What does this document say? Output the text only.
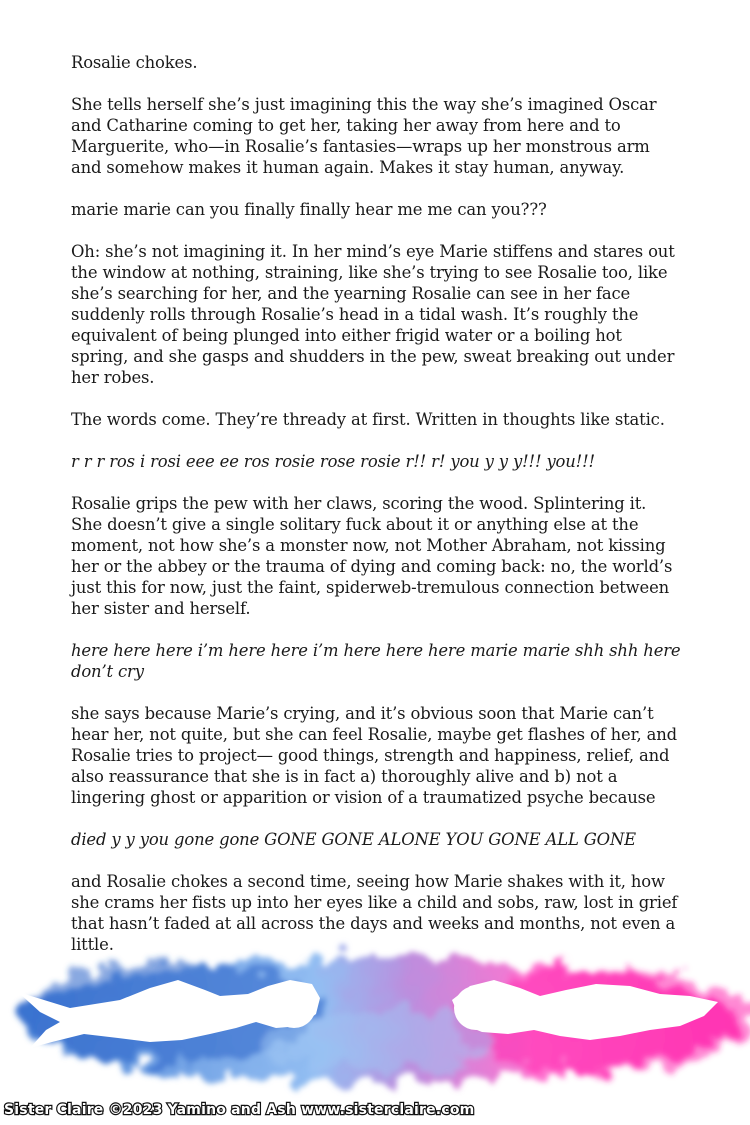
Rosalie chokes.

She tells herself she’s just imagining this the way she’s imagined Oscar and Catharine coming to get her, taking her away from here and to Marguerite, who—in Rosalie’s fantasies—wraps up her monstrous arm and somehow makes it human again. Makes it stay human, anyway.

marie marie can you finally finally hear me me can you???

Oh: she’s not imagining it. In her mind’s eye Marie stiffens and stares out the window at nothing, straining, like she’s trying to see Rosalie too, like she’s searching for her, and the yearning Rosalie can see in her face suddenly rolls through Rosalie’s head in a tidal wash. It’s roughly the equivalent of being plunged into either frigid water or a boiling hot spring, and she gasps and shudders in the pew, sweat breaking out under her robes.

The words come. They’re thready at first. Written in thoughts like static.

r r r ros i rosi eee ee ros rosie rose rosie r!! r! you y y y!!! you!!!

Rosalie grips the pew with her claws, scoring the wood. Splintering it. She doesn’t give a single solitary fuck about it or anything else at the moment, not how she’s a monster now, not Mother Abraham, not kissing her or the abbey or the trauma of dying and coming back: no, the world’s just this for now, just the faint, spiderweb-tremulous connection between her sister and herself.

here here here i’m here here i’m here here here marie marie shh shh here don’t cry

she says because Marie’s crying, and it’s obvious soon that Marie can’t hear her, not quite, but she can feel Rosalie, maybe get flashes of her, and Rosalie tries to project— good things, strength and happiness, relief, and also reassurance that she is in fact a) thoroughly alive and b) not a lingering ghost or apparition or vision of a traumatized psyche because

died y y you gone gone GONE GONE ALONE YOU GONE ALL GONE

and Rosalie chokes a second time, seeing how Marie shakes with it, how she crams her fists up into her eyes like a child and sobs, raw, lost in grief that hasn’t faded at all across the days and weeks and months, not even a little.

Sister Claire ©2023 Yamino and Ash www.sisterclaire.com
